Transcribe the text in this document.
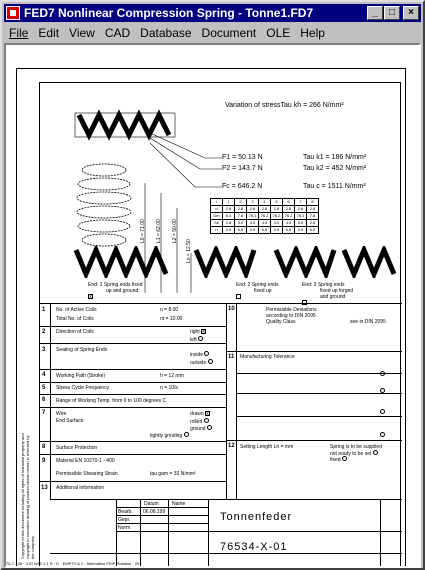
FED7 Nonlinear Compression Spring - Tonne1.FD7	_	□	×
File Edit View CAD Database Document OLE Help
Copyright of this document including all rights of industrial property and copyright in execution drawing of product shown herein is reserved by the company.
Variation of stressTau kh = 266 N/mm²
F1 = 50.13 N	Tau k1 = 186 N/mm²
F2 = 143.7 N	Tau k2 = 452 N/mm²
Fc = 646.2 N	Tau c = 1511 N/mm²
L0 = 71.00 L1 = 62.00 L2 = 50.00
Ln = 12.50
i	1	2	3	4	5	6	7	8
d	2.8	2.8	2.8	2.8	2.8	2.8	2.8	2.8
Dm	8.4	7.6	76.1	76.2	76.2	76.2	76.1	7.8
Sk	2.8	3.0	4.0	4.0	4.0	4.0	3.0	2.8
n	0.5	0.5	0.5	0.5	0.5	0.5	0.5	0.5
End: 1 Spring ends fixed
up and ground
x
End: 2 Spring ends
fixed up
End: 3 Spring ends
fixed up forged
and ground
1 No. of Active Coils	n = 8.00
Total No. of Coils	nt = 10.00
2 Direction of Coils	right x
left
3 Seating of Spring Ends
inside
outside
4 Working Path (Stroke)	h = 12 mm
5 Stress Cycle Frequency	n = 10/s
6 Range of Working Temp. from 0 to 100 degrees C
7 Wire	drawn x
rolled
End Surface
ground
tightly grinding
8 Surface Protection
9 Material EN 10270-1 - 400
Permissible Shearing Strain	tau gam = 33 N/mm²
13 Additional information
10	Permissible Deviations
according to DIN 2095
Quality Class	see in DIN 2095
11 Manufacturing Tolerance
12 Setting Length Ln = mm	Spring is to be supplied
not ready to be set
fixed
Datum	Name
Bearb. 06.06.199
Gepr.
Norm
Tonnenfeder
76534-X-01
76-7-106 · 3 IG N/W 1 1 R · D · EMPTY A 1 · Alternative FEIP Rotation · 207
